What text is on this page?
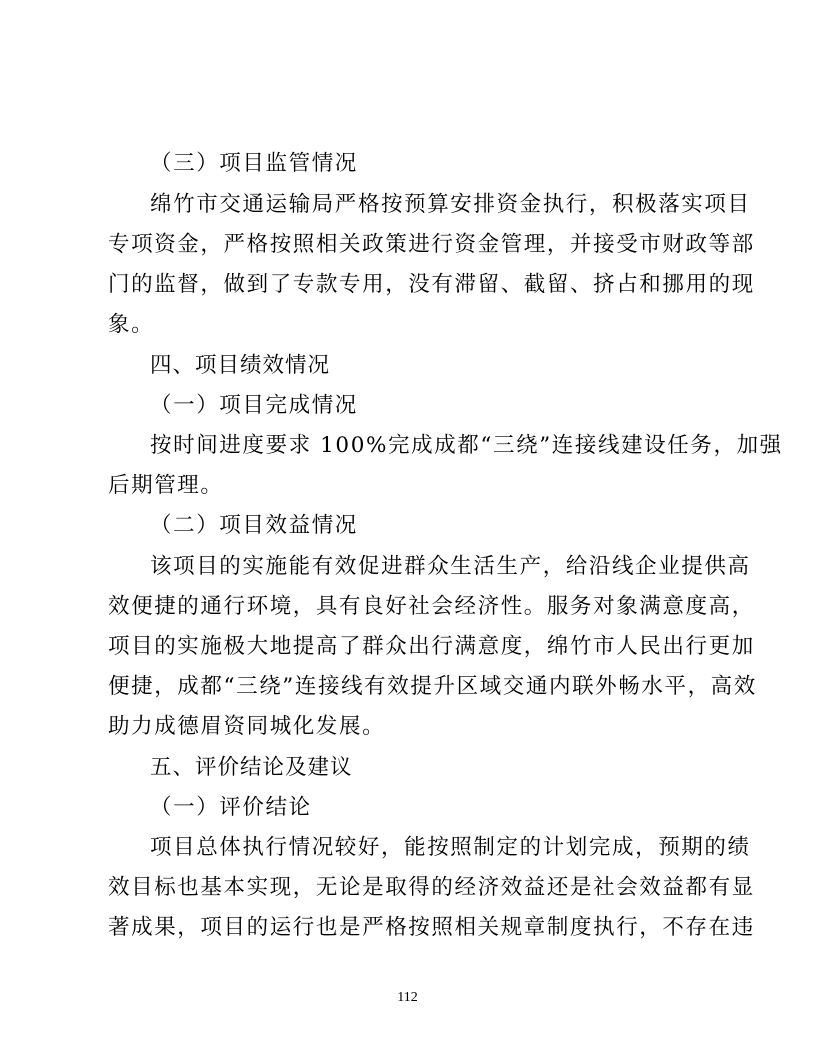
（三）项目监管情况
绵竹市交通运输局严格按预算安排资金执行，积极落实项目
专项资金，严格按照相关政策进行资金管理，并接受市财政等部
门的监督，做到了专款专用，没有滞留、截留、挤占和挪用的现
象。
四、项目绩效情况
（一）项目完成情况
按时间进度要求 100%完成成都“三绕”连接线建设任务，加强
后期管理。
（二）项目效益情况
该项目的实施能有效促进群众生活生产，给沿线企业提供高
效便捷的通行环境，具有良好社会经济性。服务对象满意度高，
项目的实施极大地提高了群众出行满意度，绵竹市人民出行更加
便捷，成都“三绕”连接线有效提升区域交通内联外畅水平，高效
助力成德眉资同城化发展。
五、评价结论及建议
（一）评价结论
项目总体执行情况较好，能按照制定的计划完成，预期的绩
效目标也基本实现，无论是取得的经济效益还是社会效益都有显
著成果，项目的运行也是严格按照相关规章制度执行，不存在违
112
